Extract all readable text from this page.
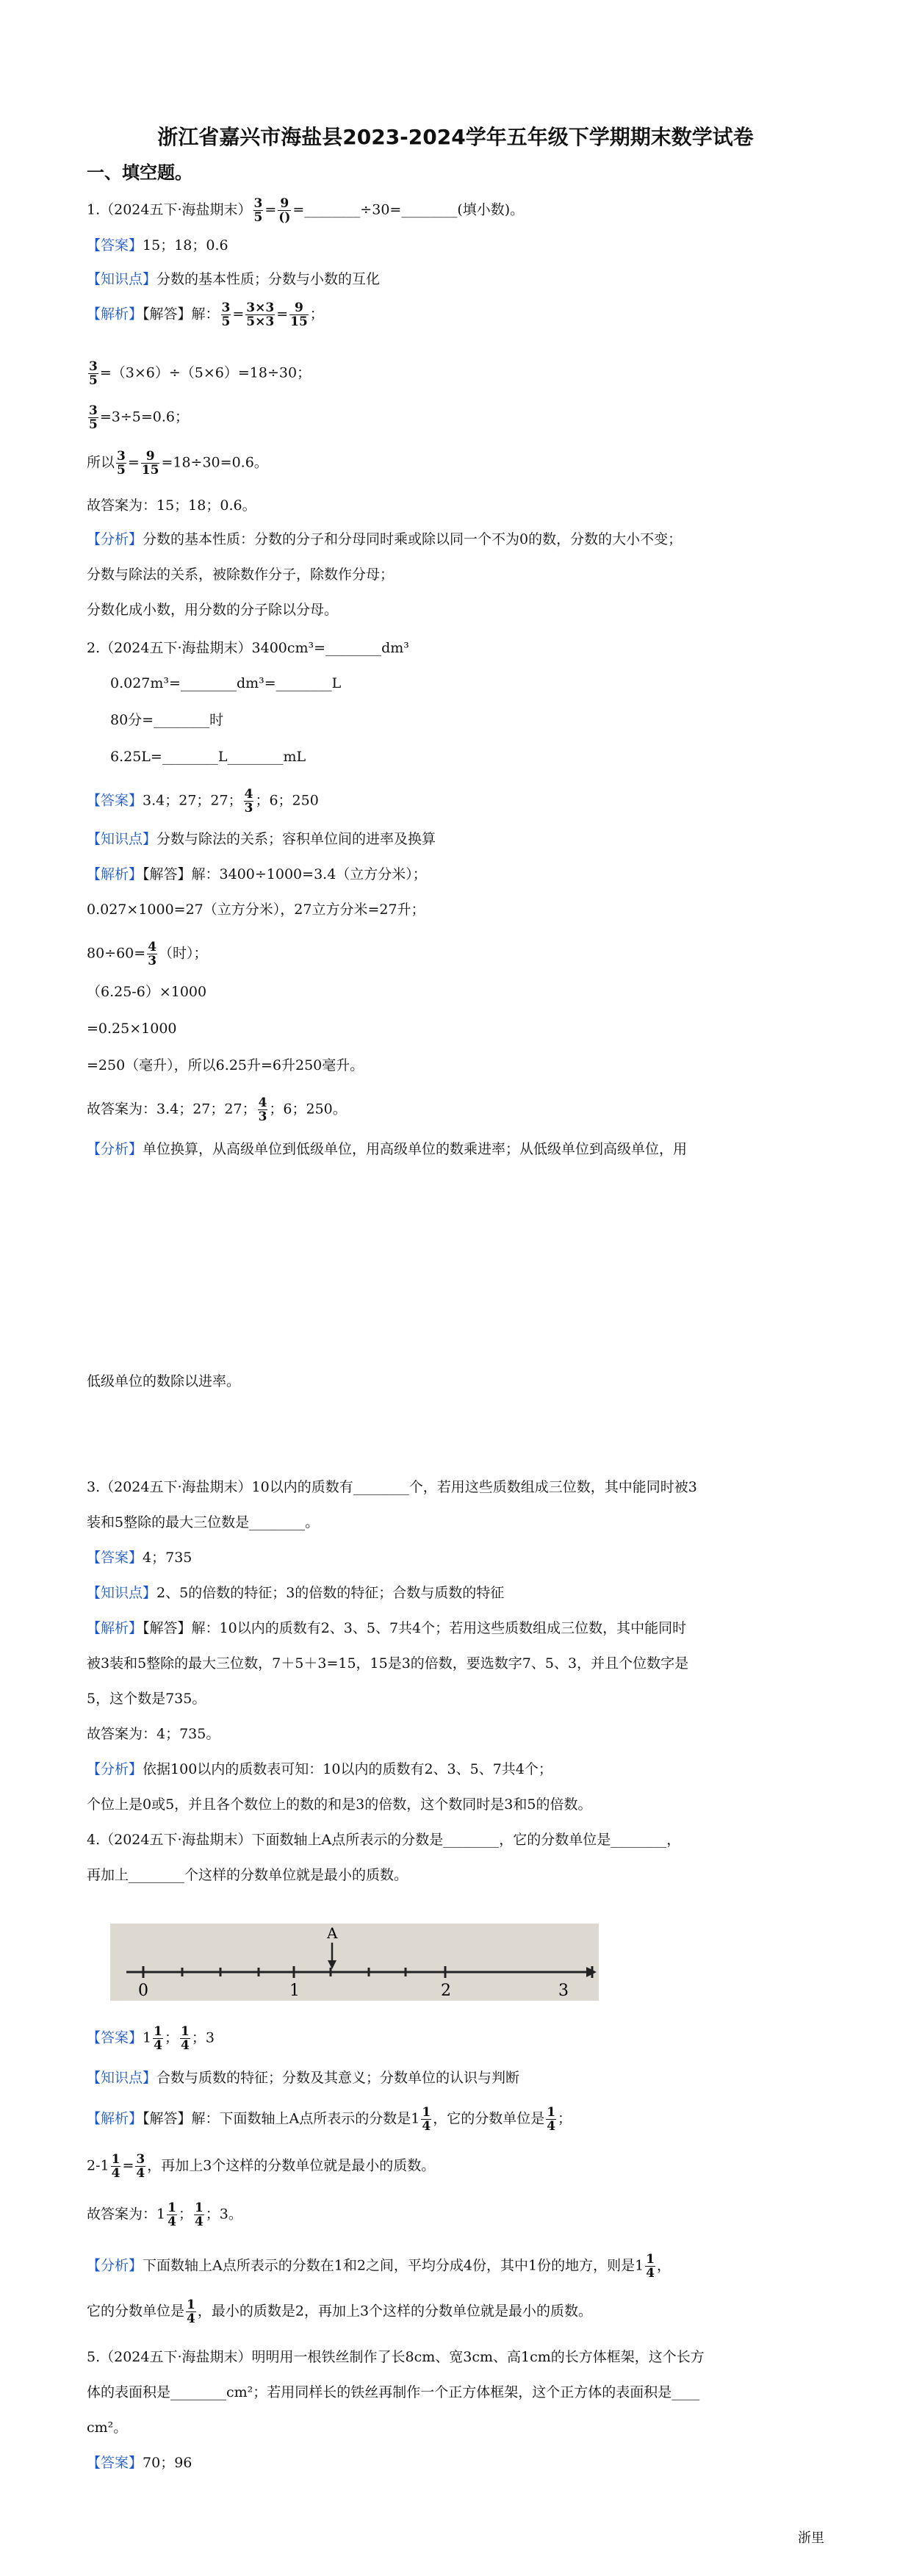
浙江省嘉兴市海盐县2023-2024学年五年级下学期期末数学试卷
一、填空题。
1.（2024五下·海盐期末） $\frac{3}{5} = \frac{9}{()}$ =________÷30=________(填小数)。
【答案】15；18；0.6
【知识点】分数的基本性质；分数与小数的互化
【解析】【解答】解： $\frac{3}{5} = \frac{3\times 3}{5\times 3} = \frac{9}{15}$ ；
$\frac{3}{5} =(3\times 6)\div(5\times 6)=18\div 30$；
$\frac{3}{5} =3\div 5=0.6$；
所以 $\frac{3}{5} = \frac{9}{15} =18\div 30=0.6$。
故答案为：15；18；0.6。
【分析】分数的基本性质：分数的分子和分母同时乘或除以同一个不为0的数，分数的大小不变；
分数与除法的关系，被除数作分子，除数作分母；
分数化成小数，用分数的分子除以分母。
2.（2024五下·海盐期末）3400cm³=________dm³
0.027m³=________dm³=________L
80分=________时
6.25L=________L________mL
【答案】3.4；27；27； $\frac{4}{3}$ ；6；250
【知识点】分数与除法的关系；容积单位间的进率及换算
【解析】【解答】解：3400÷1000=3.4（立方分米）；
0.027×1000=27（立方分米），27立方分米=27升；
$80\div 60= \frac{4}{3}$ （时）；
（6.25-6）×1000
=0.25×1000
=250（毫升），所以6.25升=6升250毫升。
故答案为：3.4；27；27； $\frac{4}{3}$ ；6；250。
【分析】单位换算，从高级单位到低级单位，用高级单位的数乘进率；从低级单位到高级单位，用
低级单位的数除以进率。
3.（2024五下·海盐期末）10以内的质数有________个，若用这些质数组成三位数，其中能同时被3
装和5整除的最大三位数是________。
【答案】4；735
【知识点】2、5的倍数的特征；3的倍数的特征；合数与质数的特征
【解析】【解答】解：10以内的质数有2、3、5、7共4个；若用这些质数组成三位数，其中能同时
被3装和5整除的最大三位数，7＋5＋3=15，15是3的倍数，要选数字7、5、3，并且个位数字是
5，这个数是735。
故答案为：4；735。
【分析】依据100以内的质数表可知：10以内的质数有2、3、5、7共4个；
个位上是0或5，并且各个数位上的数的和是3的倍数，这个数同时是3和5的倍数。
4.（2024五下·海盐期末）下面数轴上A点所表示的分数是________，它的分数单位是________，
再加上________个这样的分数单位就是最小的质数。
A
0	1	2	3
【答案】$1 \frac{1}{4}$ ； $\frac{1}{4}$ ；3
【知识点】合数与质数的特征；分数及其意义；分数单位的认识与判断
【解析】【解答】解：下面数轴上A点所表示的分数是$1 \frac{1}{4}$ ，它的分数单位是 $\frac{1}{4}$ ；
$2-1 \frac{1}{4} = \frac{3}{4}$ ，再加上3个这样的分数单位就是最小的质数。
故答案为：$1 \frac{1}{4}$ ； $\frac{1}{4}$ ；3。
【分析】下面数轴上A点所表示的分数在1和2之间，平均分成4份，其中1份的地方，则是$1 \frac{1}{4}$ ，
它的分数单位是 $\frac{1}{4}$ ，最小的质数是2，再加上3个这样的分数单位就是最小的质数。
5.（2024五下·海盐期末）明明用一根铁丝制作了长8cm、宽3cm、高1cm的长方体框架，这个长方
体的表面积是________cm²；若用同样长的铁丝再制作一个正方体框架，这个正方体的表面积是____
cm²。
【答案】70；96
浙里
